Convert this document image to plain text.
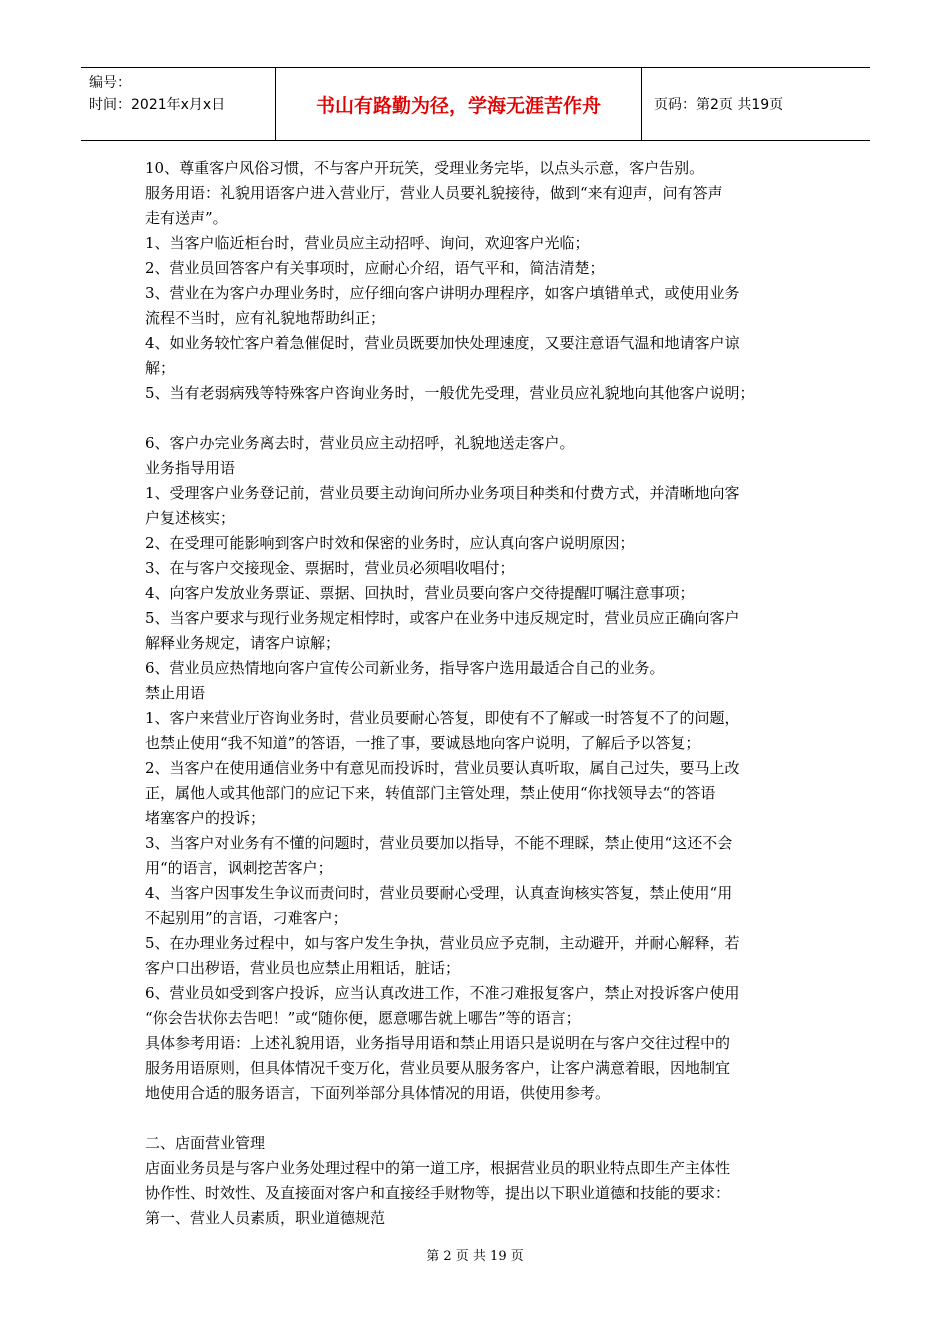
编号：
时间：2021年x月x日	书山有路勤为径，学海无涯苦作舟	页码：第2页 共19页

10、尊重客户风俗习惯，不与客户开玩笑，受理业务完毕，以点头示意，客户告别。

服务用语：礼貌用语客户进入营业厅，营业人员要礼貌接待，做到“来有迎声，问有答声

走有送声”。

1、当客户临近柜台时，营业员应主动招呼、询问，欢迎客户光临；

2、营业员回答客户有关事项时，应耐心介绍，语气平和，简洁清楚；

3、营业在为客户办理业务时，应仔细向客户讲明办理程序，如客户填错单式，或使用业务

流程不当时，应有礼貌地帮助纠正；

4、如业务较忙客户着急催促时，营业员既要加快处理速度，又要注意语气温和地请客户谅

解；

5、当有老弱病残等特殊客户咨询业务时，一般优先受理，营业员应礼貌地向其他客户说明；

6、客户办完业务离去时，营业员应主动招呼，礼貌地送走客户。

业务指导用语

1、受理客户业务登记前，营业员要主动询问所办业务项目种类和付费方式，并清晰地向客

户复述核实；

2、在受理可能影响到客户时效和保密的业务时，应认真向客户说明原因；

3、在与客户交接现金、票据时，营业员必须唱收唱付；

4、向客户发放业务票证、票据、回执时，营业员要向客户交待提醒叮嘱注意事项；

5、当客户要求与现行业务规定相悖时，或客户在业务中违反规定时，营业员应正确向客户

解释业务规定，请客户谅解；

6、营业员应热情地向客户宣传公司新业务，指导客户选用最适合自己的业务。

禁止用语

1、客户来营业厅咨询业务时，营业员要耐心答复，即使有不了解或一时答复不了的问题，

也禁止使用“我不知道”的答语，一推了事，要诚恳地向客户说明，了解后予以答复；

2、当客户在使用通信业务中有意见而投诉时，营业员要认真听取，属自己过失，要马上改

正，属他人或其他部门的应记下来，转值部门主管处理，禁止使用“你找领导去“的答语

堵塞客户的投诉；

3、当客户对业务有不懂的问题时，营业员要加以指导，不能不理睬，禁止使用“这还不会

用“的语言，讽刺挖苦客户；

4、当客户因事发生争议而责问时，营业员要耐心受理，认真查询核实答复，禁止使用“用

不起别用”的言语，刁难客户；

5、在办理业务过程中，如与客户发生争执，营业员应予克制，主动避开，并耐心解释，若

客户口出秽语，营业员也应禁止用粗话，脏话；

6、营业员如受到客户投诉，应当认真改进工作，不准刁难报复客户，禁止对投诉客户使用

“你会告状你去告吧！”或“随你便，愿意哪告就上哪告”等的语言；

具体参考用语：上述礼貌用语，业务指导用语和禁止用语只是说明在与客户交往过程中的

服务用语原则，但具体情况千变万化，营业员要从服务客户，让客户满意着眼，因地制宜

地使用合适的服务语言，下面列举部分具体情况的用语，供使用参考。

二、店面营业管理

店面业务员是与客户业务处理过程中的第一道工序，根据营业员的职业特点即生产主体性

协作性、时效性、及直接面对客户和直接经手财物等，提出以下职业道德和技能的要求：

第一、营业人员素质，职业道德规范

第 2 页 共 19 页
